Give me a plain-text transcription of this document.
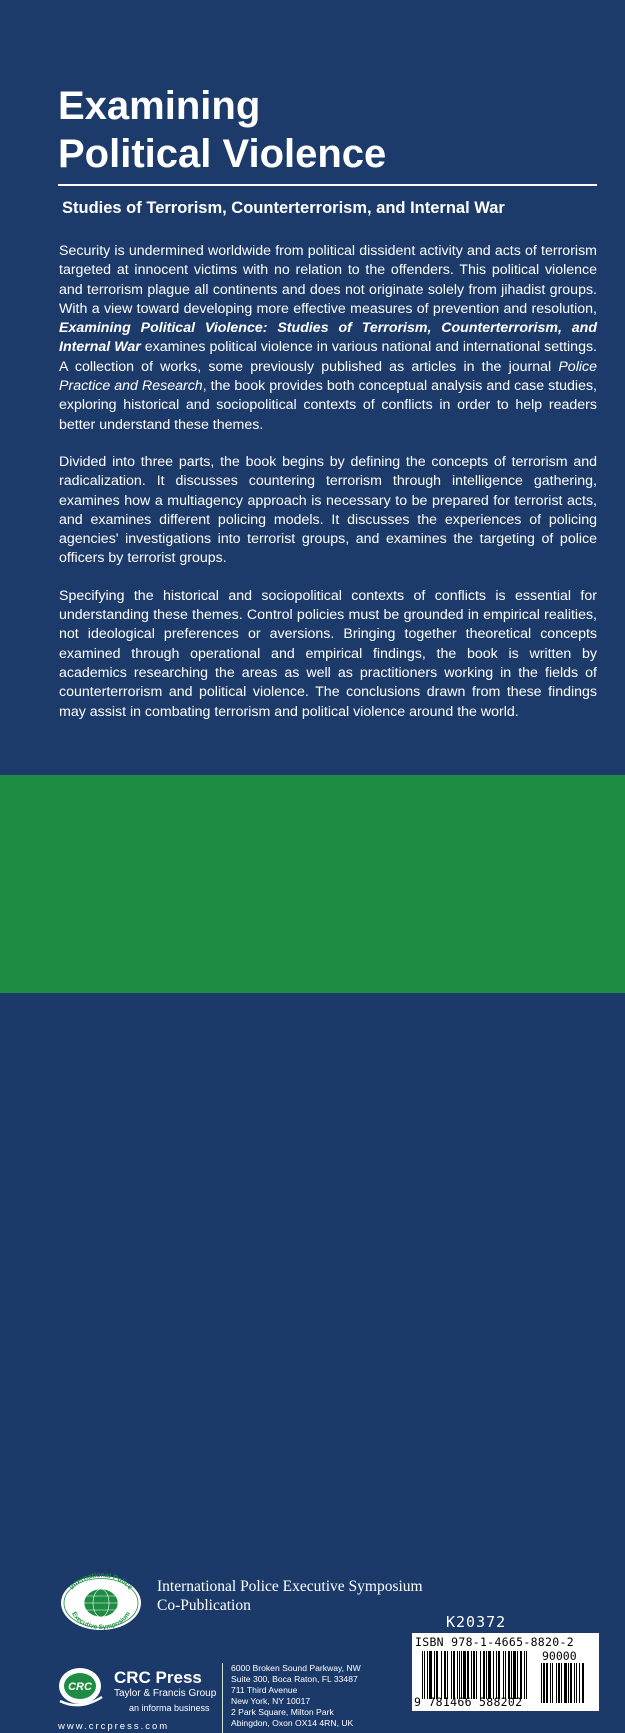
Examining
Political Violence
Studies of Terrorism, Counterterrorism, and Internal War

Security is undermined worldwide from political dissident activity and acts of terrorism targeted at innocent victims with no relation to the offenders. This political violence and terrorism plague all continents and does not originate solely from jihadist groups. With a view toward developing more effective measures of prevention and resolution, Examining Political Violence: Studies of Terrorism, Counterterrorism, and Internal War examines political violence in various national and international settings. A collection of works, some previously published as articles in the journal Police Practice and Research, the book provides both conceptual analysis and case studies, exploring historical and sociopolitical contexts of conflicts in order to help readers better understand these themes.

Divided into three parts, the book begins by defining the concepts of terrorism and radicalization. It discusses countering terrorism through intelligence gathering, examines how a multiagency approach is necessary to be prepared for terrorist acts, and examines different policing models. It discusses the experiences of policing agencies' investigations into terrorist groups, and examines the targeting of police officers by terrorist groups.

Specifying the historical and sociopolitical contexts of conflicts is essential for understanding these themes. Control policies must be grounded in empirical realities, not ideological preferences or aversions. Bringing together theoretical concepts examined through operational and empirical findings, the book is written by academics researching the areas as well as practitioners working in the fields of counterterrorism and political violence. The conclusions drawn from these findings may assist in combating terrorism and political violence around the world.

International Police
Executive Symposium
International Police Executive Symposium
Co-Publication
K20372
ISBN 978-1-4665-8820-2
90000
9 781466 588202
CRC CRC Press
Taylor & Francis Group
an informa business
www.crcpress.com
6000 Broken Sound Parkway, NW
Suite 300, Boca Raton, FL 33487
711 Third Avenue
New York, NY 10017
2 Park Square, Milton Park
Abingdon, Oxon OX14 4RN, UK
